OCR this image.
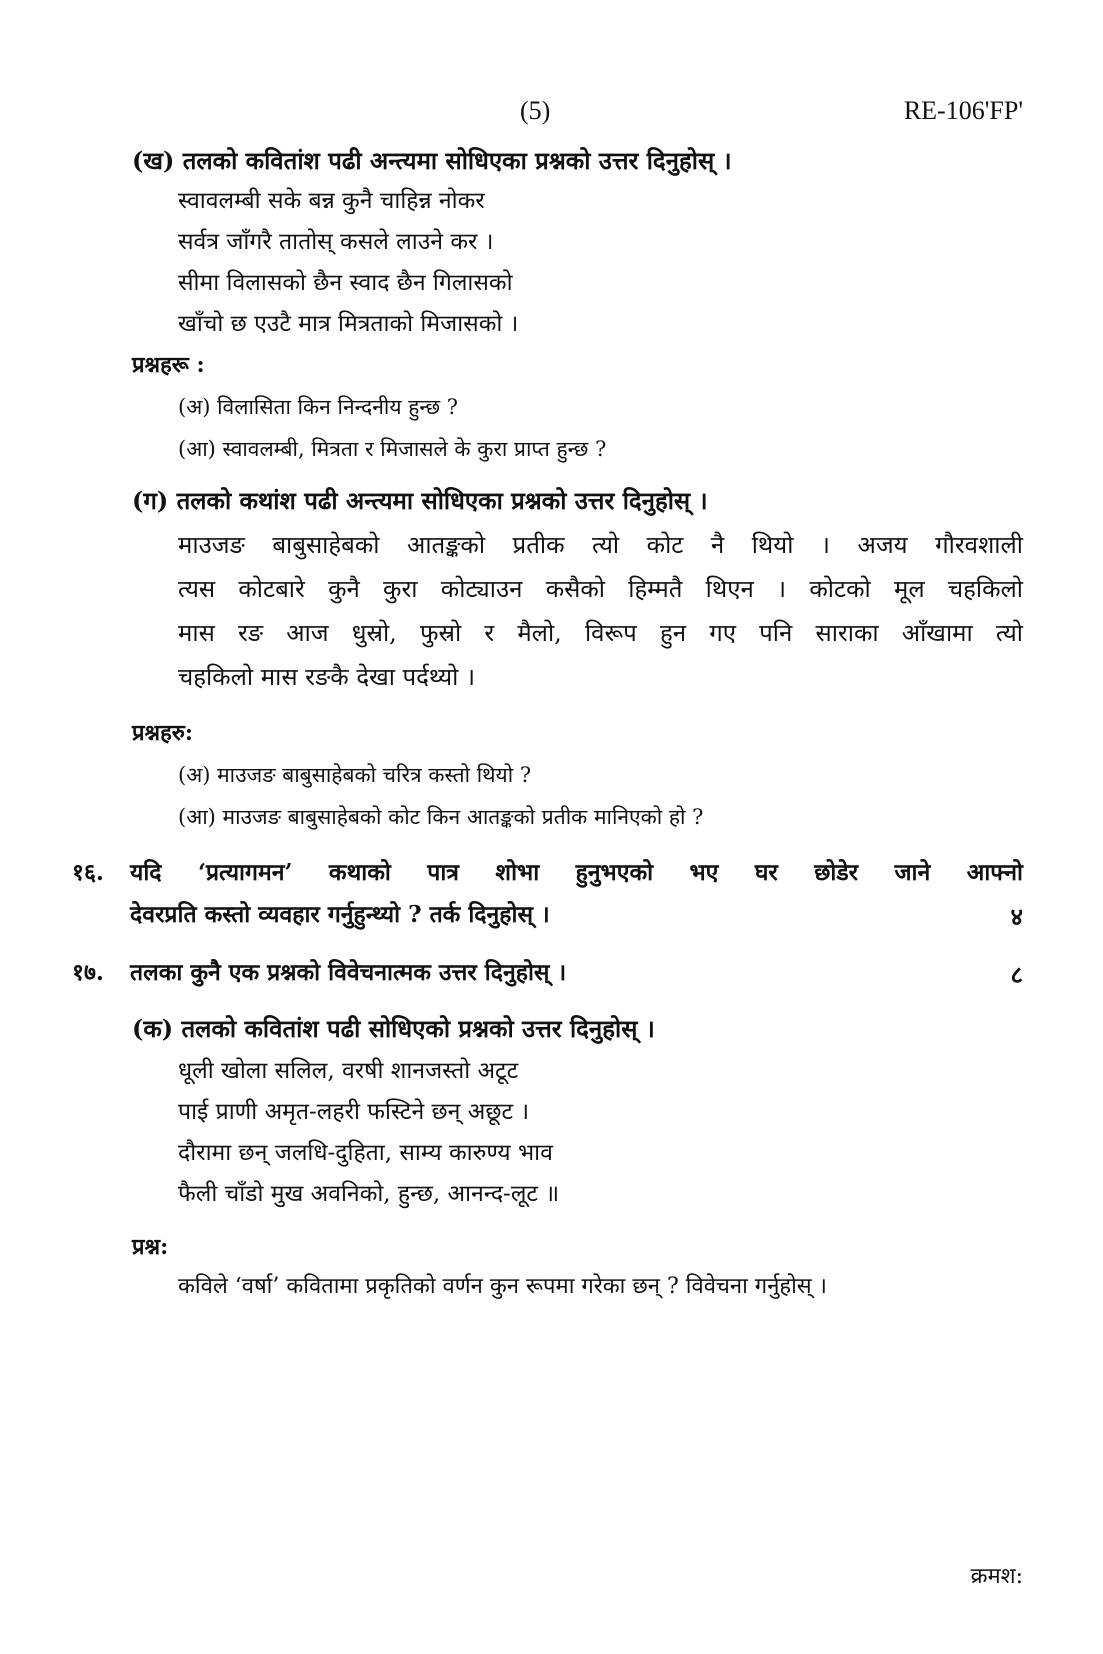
(5)	RE-106'FP'
(ख) तलको कवितांश पढी अन्त्यमा सोधिएका प्रश्नको उत्तर दिनुहोस् ।
स्वावलम्बी सके बन्न कुनै चाहिन्न नोकर
सर्वत्र जाँगरै तातोस् कसले लाउने कर ।
सीमा विलासको छैन स्वाद छैन गिलासको
खाँचो छ एउटै मात्र मित्रताको मिजासको ।
प्रश्नहरू :
(अ) विलासिता किन निन्दनीय हुन्छ ?
(आ) स्वावलम्बी, मित्रता र मिजासले के कुरा प्राप्त हुन्छ ?
(ग) तलको कथांश पढी अन्त्यमा सोधिएका प्रश्नको उत्तर दिनुहोस् ।
माउजङ बाबुसाहेबको आतङ्कको प्रतीक त्यो कोट नै थियो । अजय गौरवशाली
त्यस कोटबारे कुनै कुरा कोट्याउन कसैको हिम्मतै थिएन । कोटको मूल चहकिलो
मास रङ आज धुस्रो, फुस्रो र मैलो, विरूप हुन गए पनि साराका आँखामा त्यो
चहकिलो मास रङकै देखा पर्दथ्यो ।
प्रश्नहरु:
(अ) माउजङ बाबुसाहेबको चरित्र कस्तो थियो ?
(आ) माउजङ बाबुसाहेबको कोट किन आतङ्कको प्रतीक मानिएको हो ?
१६. यदि ‘प्रत्यागमन’ कथाको पात्र शोभा हुनुभएको भए घर छोडेर जाने आफ्नो
देवरप्रति कस्तो व्यवहार गर्नुहुन्थ्यो ? तर्क दिनुहोस् ।	४
१७. तलका कुनै एक प्रश्नको विवेचनात्मक उत्तर दिनुहोस् ।	८
(क) तलको कवितांश पढी सोधिएको प्रश्नको उत्तर दिनुहोस् ।
धूली खोला सलिल, वरषी शानजस्तो अटूट
पाई प्राणी अमृत-लहरी फस्टिने छन् अछूट ।
दौरामा छन् जलधि-दुहिता, साम्य कारुण्य भाव
फैली चाँडो मुख अवनिको, हुन्छ, आनन्द-लूट ॥
प्रश्न:
कविले ‘वर्षा’ कवितामा प्रकृतिको वर्णन कुन रूपमा गरेका छन् ? विवेचना गर्नुहोस् ।
क्रमश:
